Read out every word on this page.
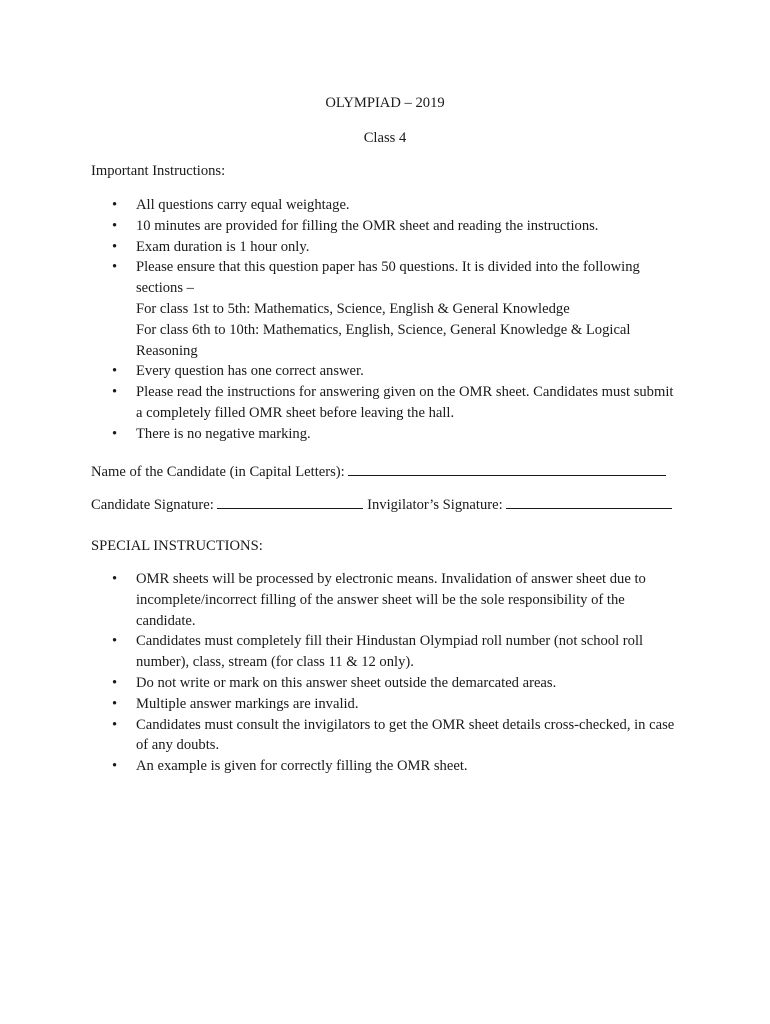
OLYMPIAD – 2019
Class 4
Important Instructions:
• All questions carry equal weightage.
• 10 minutes are provided for filling the OMR sheet and reading the instructions.
• Exam duration is 1 hour only.
• Please ensure that this question paper has 50 questions. It is divided into the following sections –
For class 1st to 5th: Mathematics, Science, English & General Knowledge
For class 6th to 10th: Mathematics, English, Science, General Knowledge & Logical Reasoning
• Every question has one correct answer.
• Please read the instructions for answering given on the OMR sheet. Candidates must submit a completely filled OMR sheet before leaving the hall.
• There is no negative marking.
Name of the Candidate (in Capital Letters):
Candidate Signature:	Invigilator’s Signature:
SPECIAL INSTRUCTIONS:
• OMR sheets will be processed by electronic means. Invalidation of answer sheet due to incomplete/incorrect filling of the answer sheet will be the sole responsibility of the candidate.
• Candidates must completely fill their Hindustan Olympiad roll number (not school roll number), class, stream (for class 11 & 12 only).
• Do not write or mark on this answer sheet outside the demarcated areas.
• Multiple answer markings are invalid.
• Candidates must consult the invigilators to get the OMR sheet details cross-checked, in case of any doubts.
• An example is given for correctly filling the OMR sheet.
